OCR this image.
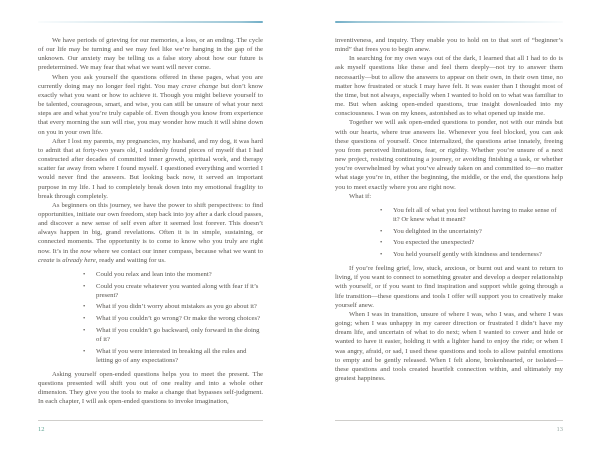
We have periods of grieving for our memories, a loss, or an ending. The cycle of our life may be turning and we may feel like we’re hanging in the gap of the unknown. Our anxiety may be telling us a false story about how our future is predetermined. We may fear that what we want will never come.

When you ask yourself the questions offered in these pages, what you are currently doing may no longer feel right. You may crave change but don’t know exactly what you want or how to achieve it. Though you might believe yourself to be talented, courageous, smart, and wise, you can still be unsure of what your next steps are and what you’re truly capable of. Even though you know from experience that every morning the sun will rise, you may wonder how much it will shine down on you in your own life.

After I lost my parents, my pregnancies, my husband, and my dog, it was hard to admit that at forty-two years old, I suddenly found pieces of myself that I had constructed after decades of committed inner growth, spiritual work, and therapy scatter far away from where I found myself. I questioned everything and worried I would never find the answers. But looking back now, it served an important purpose in my life. I had to completely break down into my emotional fragility to break through completely.

As beginners on this journey, we have the power to shift perspectives: to find opportunities, initiate our own freedom, step back into joy after a dark cloud passes, and discover a new sense of self even after it seemed lost forever. This doesn’t always happen in big, grand revelations. Often it is in simple, sustaining, or connected moments. The opportunity is to come to know who you truly are right now. It’s in the now where we contact our inner compass, because what we want to create is already here, ready and waiting for us.

• Could you relax and lean into the moment?
• Could you create whatever you wanted along with fear if it’s present?
• What if you didn’t worry about mistakes as you go about it?
• What if you couldn’t go wrong? Or make the wrong choices?
• What if you couldn’t go backward, only forward in the doing of it?
• What if you were interested in breaking all the rules and letting go of any expectations?

Asking yourself open-ended questions helps you to meet the present. The questions presented will shift you out of one reality and into a whole other dimension. They give you the tools to make a change that bypasses self-judgment. In each chapter, I will ask open-ended questions to invoke imagination,

12

inventiveness, and inquiry. They enable you to hold on to that sort of “beginner’s mind” that frees you to begin anew.

In searching for my own ways out of the dark, I learned that all I had to do is ask myself questions like these and feel them deeply—not try to answer them necessarily—but to allow the answers to appear on their own, in their own time, no matter how frustrated or stuck I may have felt. It was easier than I thought most of the time, but not always, especially when I wanted to hold on to what was familiar to me. But when asking open-ended questions, true insight downloaded into my consciousness. I was on my knees, astonished as to what opened up inside me.

Together we will ask open-ended questions to ponder, not with our minds but with our hearts, where true answers lie. Whenever you feel blocked, you can ask these questions of yourself. Once internalized, the questions arise innately, freeing you from perceived limitations, fear, or rigidity. Whether you’re unsure of a next new project, resisting continuing a journey, or avoiding finishing a task, or whether you’re overwhelmed by what you’ve already taken on and committed to—no matter what stage you’re in, either the beginning, the middle, or the end, the questions help you to meet exactly where you are right now.

What if:

• You felt all of what you feel without having to make sense of it? Or knew what it meant?
• You delighted in the uncertainty?
• You expected the unexpected?
• You held yourself gently with kindness and tenderness?

If you’re feeling grief, low, stuck, anxious, or burnt out and want to return to living, if you want to connect to something greater and develop a deeper relationship with yourself, or if you want to find inspiration and support while going through a life transition—these questions and tools I offer will support you to creatively make yourself anew.

When I was in transition, unsure of where I was, who I was, and where I was going; when I was unhappy in my career direction or frustrated I didn’t have my dream life, and uncertain of what to do next; when I wanted to cower and hide or wanted to have it easier, holding it with a lighter hand to enjoy the ride; or when I was angry, afraid, or sad, I used these questions and tools to allow painful emotions to empty and be gently released. When I felt alone, brokenhearted, or isolated—these questions and tools created heartfelt connection within, and ultimately my greatest happiness.

13
